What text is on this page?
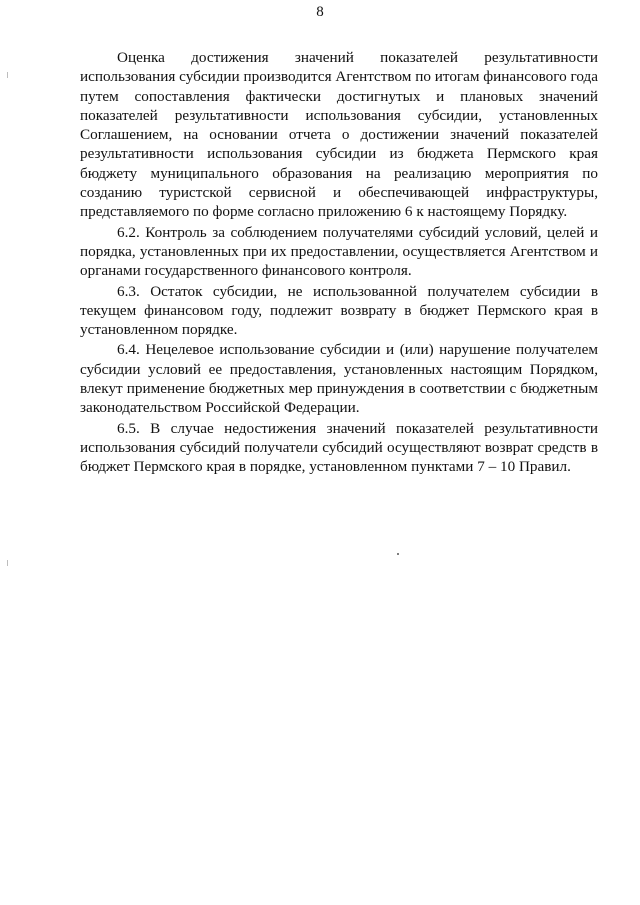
8

Оценка достижения значений показателей результативности использования субсидии производится Агентством по итогам финансового года путем сопоставления фактически достигнутых и плановых значений показателей результативности использования субсидии, установленных Соглашением, на основании отчета о достижении значений показателей результативности использования субсидии из бюджета Пермского края бюджету муниципального образования на реализацию мероприятия по созданию туристской сервисной и обеспечивающей инфраструктуры, представляемого по форме согласно приложению 6 к настоящему Порядку.

6.2. Контроль за соблюдением получателями субсидий условий, целей и порядка, установленных при их предоставлении, осуществляется Агентством и органами государственного финансового контроля.

6.3. Остаток субсидии, не использованной получателем субсидии в текущем финансовом году, подлежит возврату в бюджет Пермского края в установленном порядке.

6.4. Нецелевое использование субсидии и (или) нарушение получателем субсидии условий ее предоставления, установленных настоящим Порядком, влекут применение бюджетных мер принуждения в соответствии с бюджетным законодательством Российской Федерации.

6.5. В случае недостижения значений показателей результативности использования субсидий получатели субсидий осуществляют возврат средств в бюджет Пермского края в порядке, установленном пунктами 7 – 10 Правил.
